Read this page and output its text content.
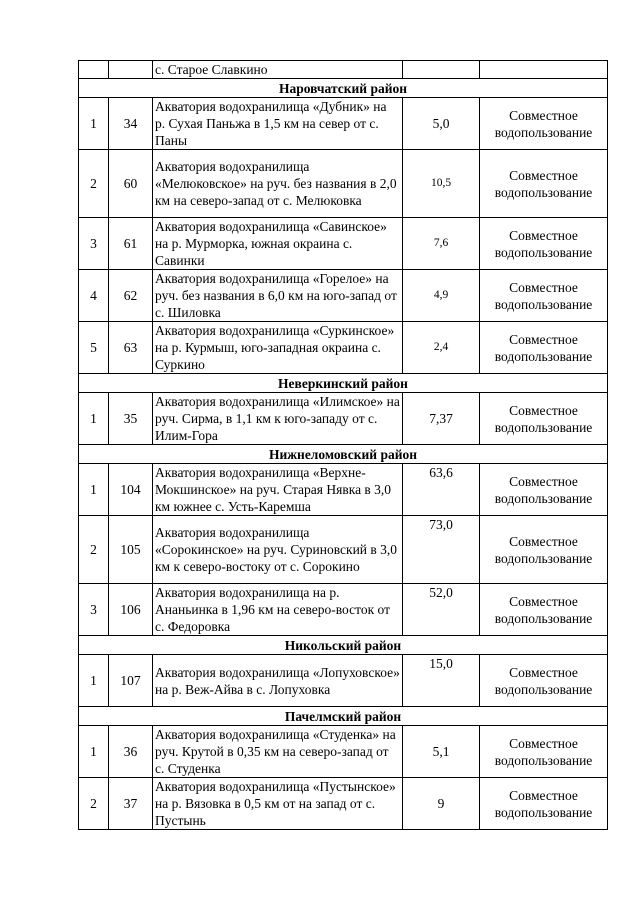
		с. Старое Славкино		
Наровчатский район				
1	34	Акватория водохранилища «Дубник» на р. Сухая Паньжа в 1,5 км на север от с. Паны	5,0	Совместное водопользование
2	60	Акватория водохранилища «Мелюковское» на руч. без названия в 2,0 км на северо-запад от с. Мелюковка	10,5	Совместное водопользование
3	61	Акватория водохранилища «Савинское» на р. Мурморка, южная окраина с. Савинки	7,6	Совместное водопользование
4	62	Акватория водохранилища «Горелое» на руч. без названия в 6,0 км на юго-запад от с. Шиловка	4,9	Совместное водопользование
5	63	Акватория водохранилища «Суркинское» на р. Курмыш, юго-западная окраина с. Суркино	2,4	Совместное водопользование
Неверкинский район				
1	35	Акватория водохранилища «Илимское» на руч. Сирма, в 1,1 км к юго-западу от с. Илим-Гора	7,37	Совместное водопользование
Нижнеломовский район				
1	104	Акватория водохранилища «Верхне-Мокшинское» на руч. Старая Нявка в 3,0 км южнее с. Усть-Каремша	63,6	Совместное водопользование
2	105	Акватория водохранилища «Сорокинское» на руч. Суриновский в 3,0 км к северо-востоку от с. Сорокино	73,0	Совместное водопользование
3	106	Акватория водохранилища на р. Ананьинка в 1,96 км на северо-восток от с. Федоровка	52,0	Совместное водопользование
Никольский район				
1	107	Акватория водохранилища «Лопуховское» на р. Веж-Айва в с. Лопуховка	15,0	Совместное водопользование
Пачелмский район				
1	36	Акватория водохранилища «Студенка» на руч. Крутой в 0,35 км на северо-запад от с. Студенка	5,1	Совместное водопользование
2	37	Акватория водохранилища «Пустынское» на р. Вязовка в 0,5 км от на запад от с. Пустынь	9	Совместное водопользование
